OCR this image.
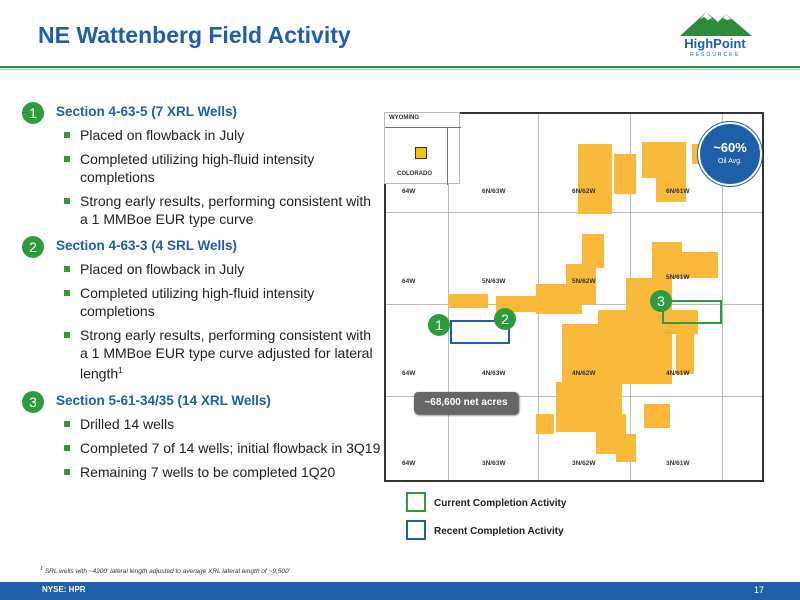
NE Wattenberg Field Activity	HighPoint
RESOURCES
1	Section 4-63-5 (7 XRL Wells)
Placed on flowback in July
Completed utilizing high-fluid intensity completions
Strong early results, performing consistent with a 1 MMBoe EUR type curve
2	Section 4-63-3 (4 SRL Wells)
Placed on flowback in July
Completed utilizing high-fluid intensity completions
Strong early results, performing consistent with a 1 MMBoe EUR type curve adjusted for lateral length$^1$
3	Section 5-61-34/35 (14 XRL Wells)
Drilled 14 wells
Completed 7 of 14 wells; initial flowback in 3Q19
Remaining 7 wells to be completed 1Q20
6N/63W	6N/62W	6N/61W
5N/63W	5N/62W
5N/61W
4N/63W	4N/62W	4N/61W
3N/63W	3N/62W	3N/61W
64W
64W
64W
64W
WYOMING
COLORADO
~60%
Oil Avg.
~68,600 net acres
1	2
3
Current Completion Activity
Recent Completion Activity
$^1$ SRL wells with ~4200' lateral length adjusted to average XRL lateral length of ~9,500'
NYSE: HPR	17
